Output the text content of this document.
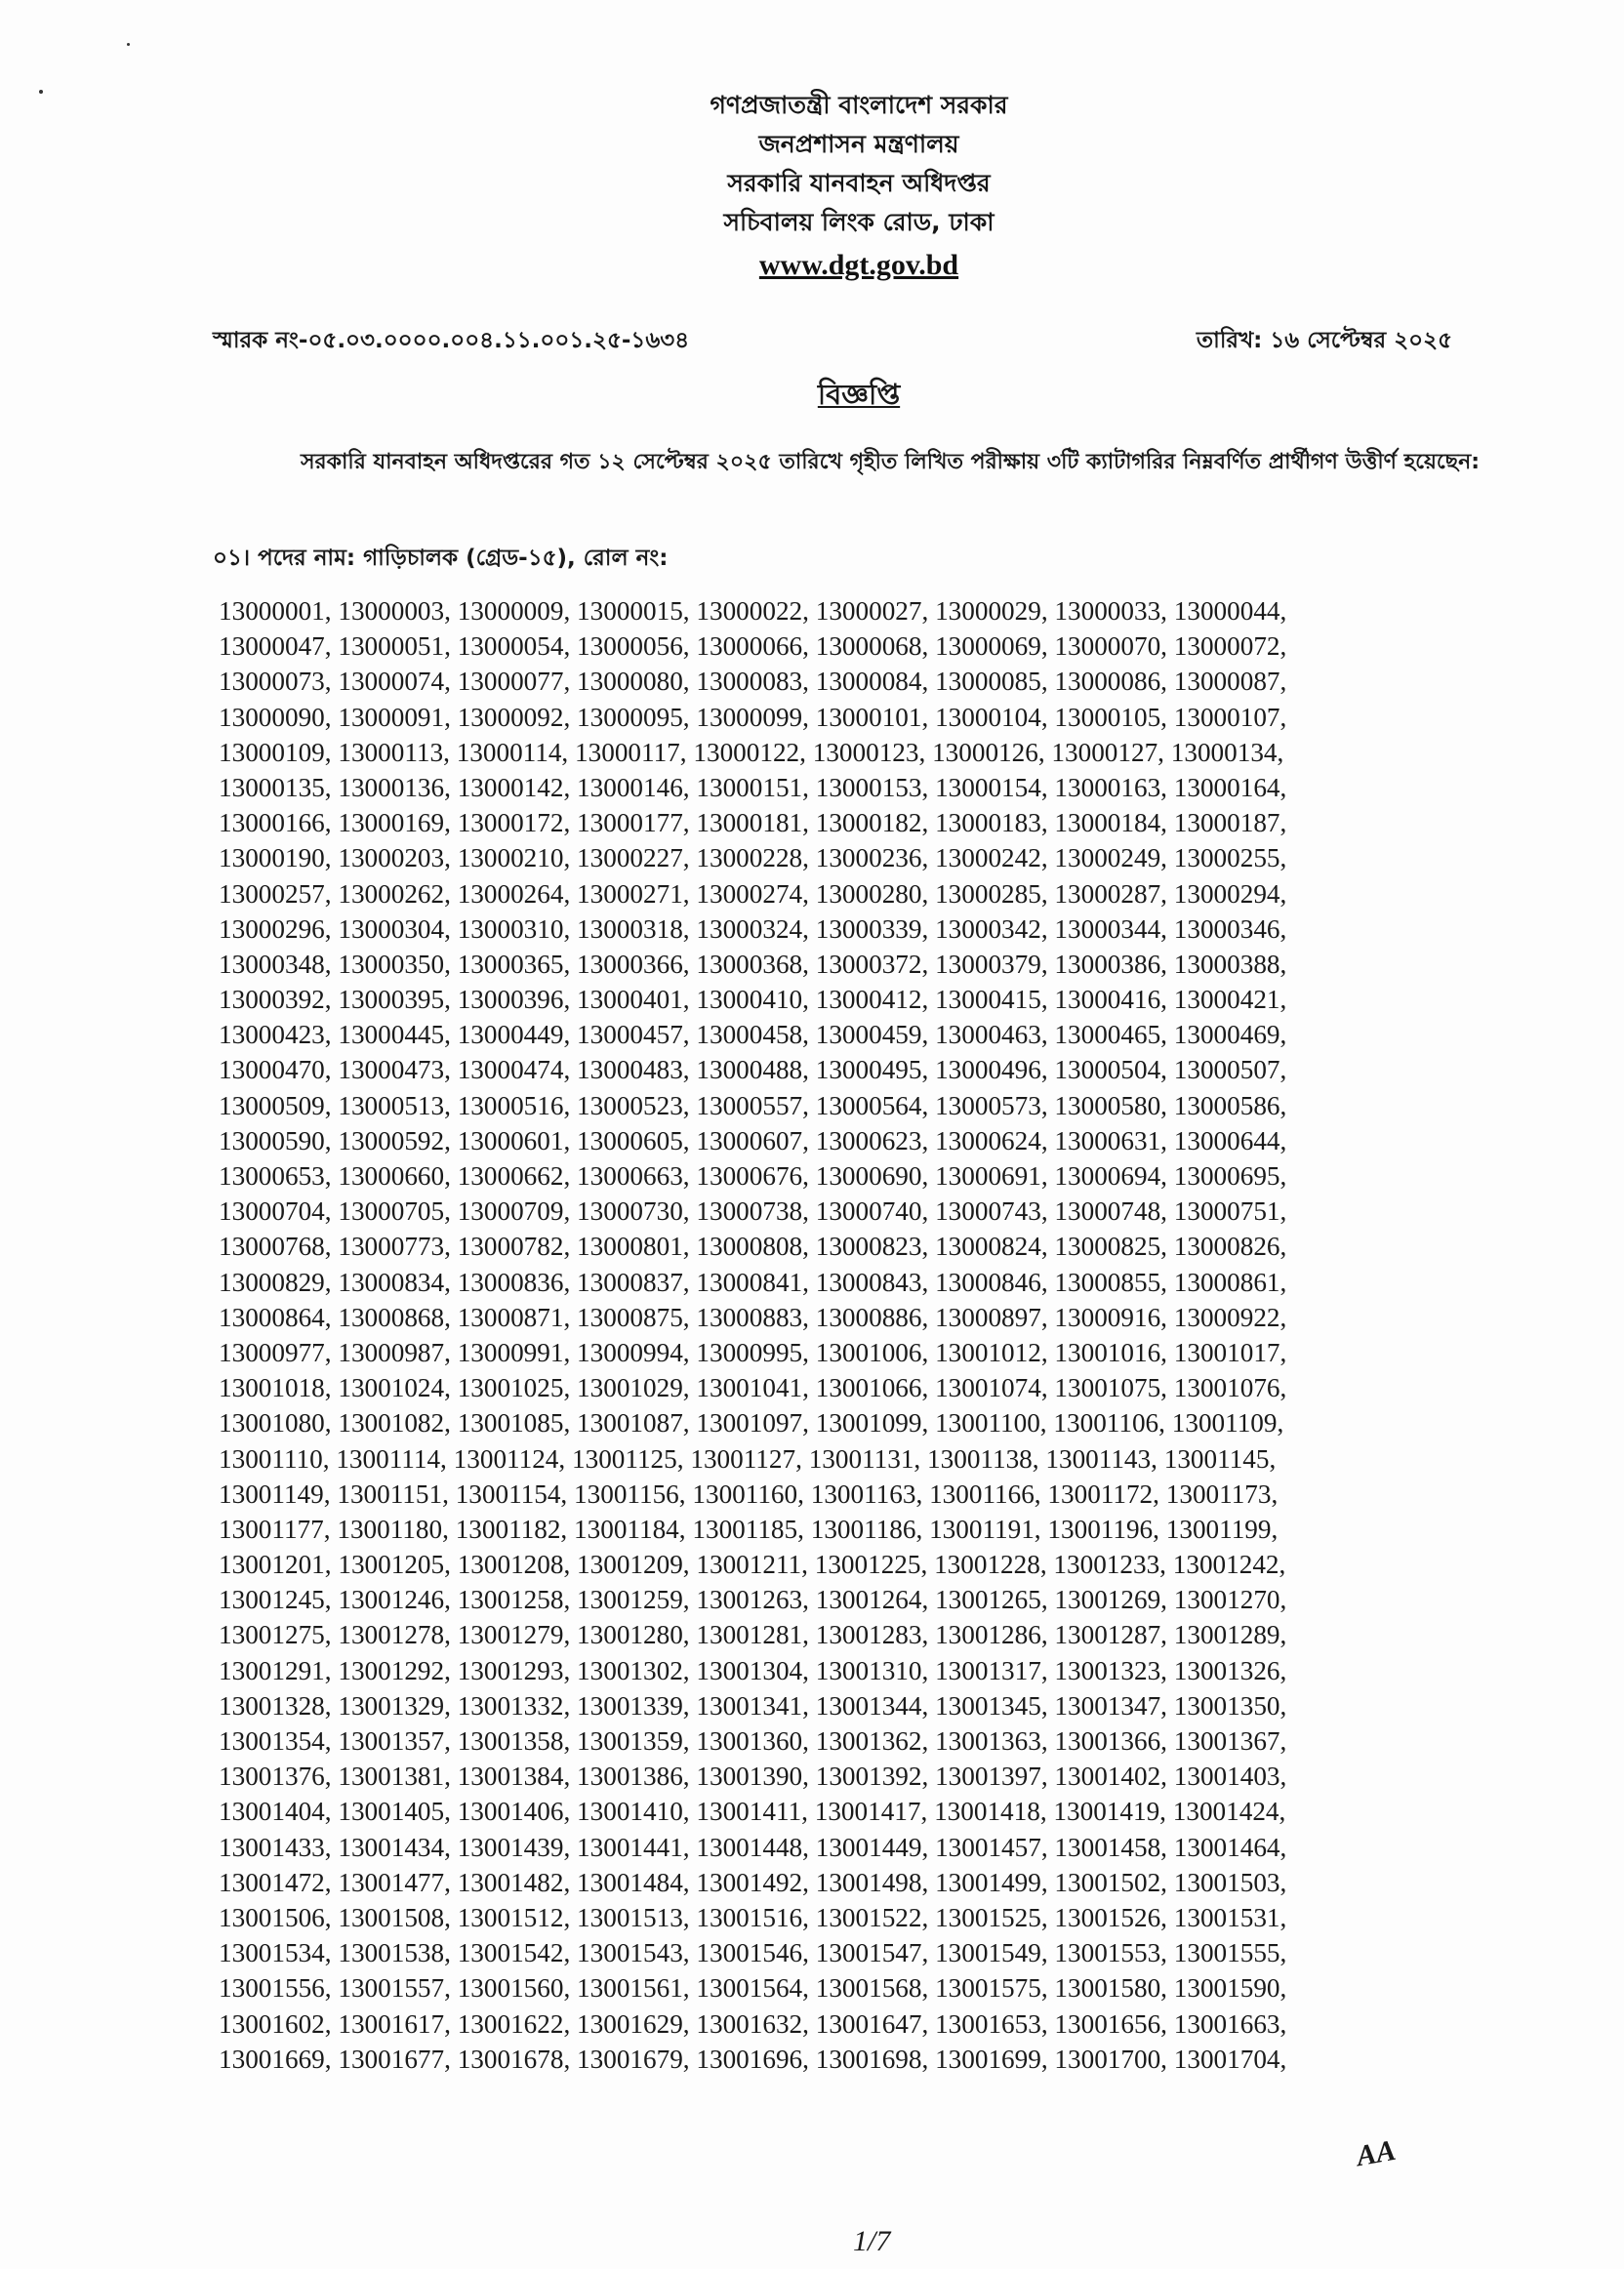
গণপ্রজাতন্ত্রী বাংলাদেশ সরকার
জনপ্রশাসন মন্ত্রণালয়
সরকারি যানবাহন অধিদপ্তর
সচিবালয় লিংক রোড, ঢাকা
www.dgt.gov.bd
স্মারক নং-০৫.০৩.০০০০.০০৪.১১.০০১.২৫-১৬৩৪	তারিখ: ১৬ সেপ্টেম্বর ২০২৫
বিজ্ঞপ্তি
সরকারি যানবাহন অধিদপ্তরের গত ১২ সেপ্টেম্বর ২০২৫ তারিখে গৃহীত লিখিত পরীক্ষায় ৩টি ক্যাটাগরির নিম্নবর্ণিত প্রার্থীগণ উত্তীর্ণ হয়েছেন:
০১। পদের নাম: গাড়িচালক (গ্রেড-১৫), রোল নং:
13000001, 13000003, 13000009, 13000015, 13000022, 13000027, 13000029, 13000033, 13000044,
13000047, 13000051, 13000054, 13000056, 13000066, 13000068, 13000069, 13000070, 13000072,
13000073, 13000074, 13000077, 13000080, 13000083, 13000084, 13000085, 13000086, 13000087,
13000090, 13000091, 13000092, 13000095, 13000099, 13000101, 13000104, 13000105, 13000107,
13000109, 13000113, 13000114, 13000117, 13000122, 13000123, 13000126, 13000127, 13000134,
13000135, 13000136, 13000142, 13000146, 13000151, 13000153, 13000154, 13000163, 13000164,
13000166, 13000169, 13000172, 13000177, 13000181, 13000182, 13000183, 13000184, 13000187,
13000190, 13000203, 13000210, 13000227, 13000228, 13000236, 13000242, 13000249, 13000255,
13000257, 13000262, 13000264, 13000271, 13000274, 13000280, 13000285, 13000287, 13000294,
13000296, 13000304, 13000310, 13000318, 13000324, 13000339, 13000342, 13000344, 13000346,
13000348, 13000350, 13000365, 13000366, 13000368, 13000372, 13000379, 13000386, 13000388,
13000392, 13000395, 13000396, 13000401, 13000410, 13000412, 13000415, 13000416, 13000421,
13000423, 13000445, 13000449, 13000457, 13000458, 13000459, 13000463, 13000465, 13000469,
13000470, 13000473, 13000474, 13000483, 13000488, 13000495, 13000496, 13000504, 13000507,
13000509, 13000513, 13000516, 13000523, 13000557, 13000564, 13000573, 13000580, 13000586,
13000590, 13000592, 13000601, 13000605, 13000607, 13000623, 13000624, 13000631, 13000644,
13000653, 13000660, 13000662, 13000663, 13000676, 13000690, 13000691, 13000694, 13000695,
13000704, 13000705, 13000709, 13000730, 13000738, 13000740, 13000743, 13000748, 13000751,
13000768, 13000773, 13000782, 13000801, 13000808, 13000823, 13000824, 13000825, 13000826,
13000829, 13000834, 13000836, 13000837, 13000841, 13000843, 13000846, 13000855, 13000861,
13000864, 13000868, 13000871, 13000875, 13000883, 13000886, 13000897, 13000916, 13000922,
13000977, 13000987, 13000991, 13000994, 13000995, 13001006, 13001012, 13001016, 13001017,
13001018, 13001024, 13001025, 13001029, 13001041, 13001066, 13001074, 13001075, 13001076,
13001080, 13001082, 13001085, 13001087, 13001097, 13001099, 13001100, 13001106, 13001109,
13001110, 13001114, 13001124, 13001125, 13001127, 13001131, 13001138, 13001143, 13001145,
13001149, 13001151, 13001154, 13001156, 13001160, 13001163, 13001166, 13001172, 13001173,
13001177, 13001180, 13001182, 13001184, 13001185, 13001186, 13001191, 13001196, 13001199,
13001201, 13001205, 13001208, 13001209, 13001211, 13001225, 13001228, 13001233, 13001242,
13001245, 13001246, 13001258, 13001259, 13001263, 13001264, 13001265, 13001269, 13001270,
13001275, 13001278, 13001279, 13001280, 13001281, 13001283, 13001286, 13001287, 13001289,
13001291, 13001292, 13001293, 13001302, 13001304, 13001310, 13001317, 13001323, 13001326,
13001328, 13001329, 13001332, 13001339, 13001341, 13001344, 13001345, 13001347, 13001350,
13001354, 13001357, 13001358, 13001359, 13001360, 13001362, 13001363, 13001366, 13001367,
13001376, 13001381, 13001384, 13001386, 13001390, 13001392, 13001397, 13001402, 13001403,
13001404, 13001405, 13001406, 13001410, 13001411, 13001417, 13001418, 13001419, 13001424,
13001433, 13001434, 13001439, 13001441, 13001448, 13001449, 13001457, 13001458, 13001464,
13001472, 13001477, 13001482, 13001484, 13001492, 13001498, 13001499, 13001502, 13001503,
13001506, 13001508, 13001512, 13001513, 13001516, 13001522, 13001525, 13001526, 13001531,
13001534, 13001538, 13001542, 13001543, 13001546, 13001547, 13001549, 13001553, 13001555,
13001556, 13001557, 13001560, 13001561, 13001564, 13001568, 13001575, 13001580, 13001590,
13001602, 13001617, 13001622, 13001629, 13001632, 13001647, 13001653, 13001656, 13001663,
13001669, 13001677, 13001678, 13001679, 13001696, 13001698, 13001699, 13001700, 13001704,
AA
1/7
